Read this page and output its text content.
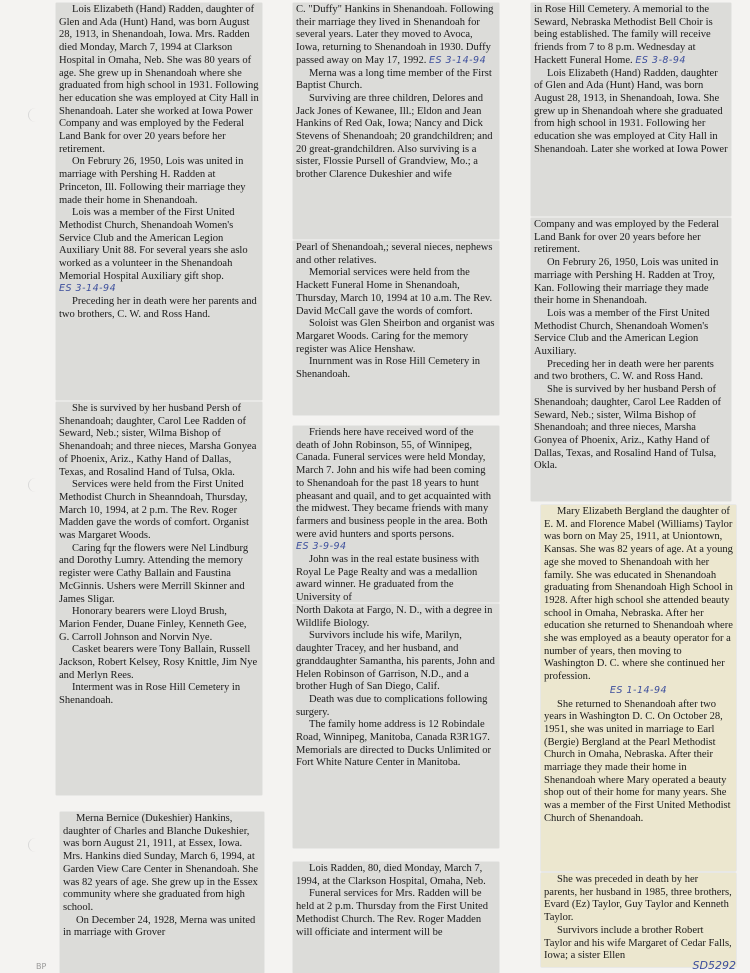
Lois Elizabeth (Hand) Radden, daughter of Glen and Ada (Hunt) Hand, was born August 28, 1913, in Shenandoah, Iowa. Mrs. Radden died Monday, March 7, 1994 at Clarkson Hospital in Omaha, Neb. She was 80 years of age. She grew up in Shenandoah where she graduated from high school in 1931. Following her education she was employed at City Hall in Shenandoah. Later she worked at Iowa Power Company and was employed by the Federal Land Bank for over 20 years before her retirement.

On Februry 26, 1950, Lois was united in marriage with Pershing H. Radden at Princeton, Ill. Following their marriage they made their home in Shenandoah.

Lois was a member of the First United Methodist Church, Shenandoah Women's Service Club and the American Legion Auxiliary Unit 88. For several years she aslo worked as a volunteer in the Shenandoah Memorial Hospital Auxiliary gift shop. ES 3-14-94

Preceding her in death were her parents and two brothers, C. W. and Ross Hand.

She is survived by her husband Persh of Shenandoah; daughter, Carol Lee Radden of Seward, Neb.; sister, Wilma Bishop of Shenandoah; and three nieces, Marsha Gonyea of Phoenix, Ariz., Kathy Hand of Dallas, Texas, and Rosalind Hand of Tulsa, Okla.

Services were held from the First United Methodist Church in Sheanndoah, Thursday, March 10, 1994, at 2 p.m. The Rev. Roger Madden gave the words of comfort. Organist was Margaret Woods.

Caring fqr the flowers were Nel Lindburg and Dorothy Lumry. Attending the memory register were Cathy Ballain and Faustina McGinnis. Ushers were Merrill Skinner and James Sligar.

Honorary bearers were Lloyd Brush, Marion Fender, Duane Finley, Kenneth Gee, G. Carroll Johnson and Norvin Nye.

Casket bearers were Tony Ballain, Russell Jackson, Robert Kelsey, Rosy Knittle, Jim Nye and Merlyn Rees.

Interment was in Rose Hill Cemetery in Shenandoah.

Merna Bernice (Dukeshier) Hankins, daughter of Charles and Blanche Dukeshier, was born August 21, 1911, at Essex, Iowa. Mrs. Hankins died Sunday, March 6, 1994, at Garden View Care Center in Shenandoah. She was 82 years of age. She grew up in the Essex community where she graduated from high school.

On December 24, 1928, Merna was united in marriage with Grover

C. "Duffy" Hankins in Shenandoah. Following their marriage they lived in Shenandoah for several years. Later they moved to Avoca, Iowa, returning to Shenandoah in 1930. Duffy passed away on May 17, 1992. ES 3-14-94

Merna was a long time member of the First Baptist Church.

Surviving are three children, Delores and Jack Jones of Kewanee, Ill.; Eldon and Jean Hankins of Red Oak, Iowa; Nancy and Dick Stevens of Shenandoah; 20 grandchildren; and 20 great-grandchildren. Also surviving is a sister, Flossie Pursell of Grandview, Mo.; a brother Clarence Dukeshier and wife

Pearl of Shenandoah,; several nieces, nephews and other relatives.

Memorial services were held from the Hackett Funeral Home in Shenandoah, Thursday, March 10, 1994 at 10 a.m. The Rev. David McCall gave the words of comfort.

Soloist was Glen Sheirbon and organist was Margaret Woods. Caring for the memory register was Alice Henshaw.

Inurnment was in Rose Hill Cemetery in Shenandoah.

Friends here have received word of the death of John Robinson, 55, of Winnipeg, Canada. Funeral services were held Monday, March 7. John and his wife had been coming to Shenandoah for the past 18 years to hunt pheasant and quail, and to get acquainted with the midwest. They became friends with many farmers and business people in the area. Both were avid hunters and sports persons. ES 3-9-94

John was in the real estate business with Royal Le Page Realty and was a medallion award winner. He graduated from the University of

North Dakota at Fargo, N. D., with a degree in Wildlife Biology.

Survivors include his wife, Marilyn, daughter Tracey, and her husband, and granddaughter Samantha, his parents, John and Helen Robinson of Garrison, N.D., and a brother Hugh of San Diego, Calif.

Death was due to complications following surgery.

The family home address is 12 Robindale Road, Winnipeg, Manitoba, Canada R3R1G7. Memorials are directed to Ducks Unlimited or Fort White Nature Center in Manitoba.

Lois Radden, 80, died Monday, March 7, 1994, at the Clarkson Hospital, Omaha, Neb.

Funeral services for Mrs. Radden will be held at 2 p.m. Thursday from the First United Methodist Church. The Rev. Roger Madden will officiate and interment will be

in Rose Hill Cemetery. A memorial to the Seward, Nebraska Methodist Bell Choir is being established. The family will receive friends from 7 to 8 p.m. Wednesday at Hackett Funeral Home. ES 3-8-94

Lois Elizabeth (Hand) Radden, daughter of Glen and Ada (Hunt) Hand, was born August 28, 1913, in Shenandoah, Iowa. She grew up in Shenandoah where she graduated from high school in 1931. Following her education she was employed at City Hall in Shenandoah. Later she worked at Iowa Power

Company and was employed by the Federal Land Bank for over 20 years before her retirement.

On Februry 26, 1950, Lois was united in marriage with Pershing H. Radden at Troy, Kan. Following their marriage they made their home in Shenandoah.

Lois was a member of the First United Methodist Church, Shenandoah Women's Service Club and the American Legion Auxiliary.

Preceding her in death were her parents and two brothers, C. W. and Ross Hand.

She is survived by her husband Persh of Shenandoah; daughter, Carol Lee Radden of Seward, Neb.; sister, Wilma Bishop of Shenandoah; and three nieces, Marsha Gonyea of Phoenix, Ariz., Kathy Hand of Dallas, Texas, and Rosalind Hand of Tulsa, Okla.

Mary Elizabeth Bergland the daughter of E. M. and Florence Mabel (Williams) Taylor was born on May 25, 1911, at Uniontown, Kansas. She was 82 years of age. At a young age she moved to Shenandoah with her family. She was educated in Shenandoah graduating from Shenandoah High School in 1928. After high school she attended beauty school in Omaha, Nebraska. After her education she returned to Shenandoah where she was employed as a beauty operator for a number of years, then moving to Washington D. C. where she continued her profession.

ES 1-14-94

She returned to Shenandoah after two years in Washington D. C. On October 28, 1951, she was united in marriage to Earl (Bergie) Bergland at the Pearl Methodist Church in Omaha, Nebraska. After their marriage they made their home in Shenandoah where Mary operated a beauty shop out of their home for many years. She was a member of the First United Methodist Church of Shenandoah.

She was preceded in death by her parents, her husband in 1985, three brothers, Evard (Ez) Taylor, Guy Taylor and Kenneth Taylor.

Survivors include a brother Robert Taylor and his wife Margaret of Cedar Falls, Iowa; a sister Ellen

BP	SD5292
